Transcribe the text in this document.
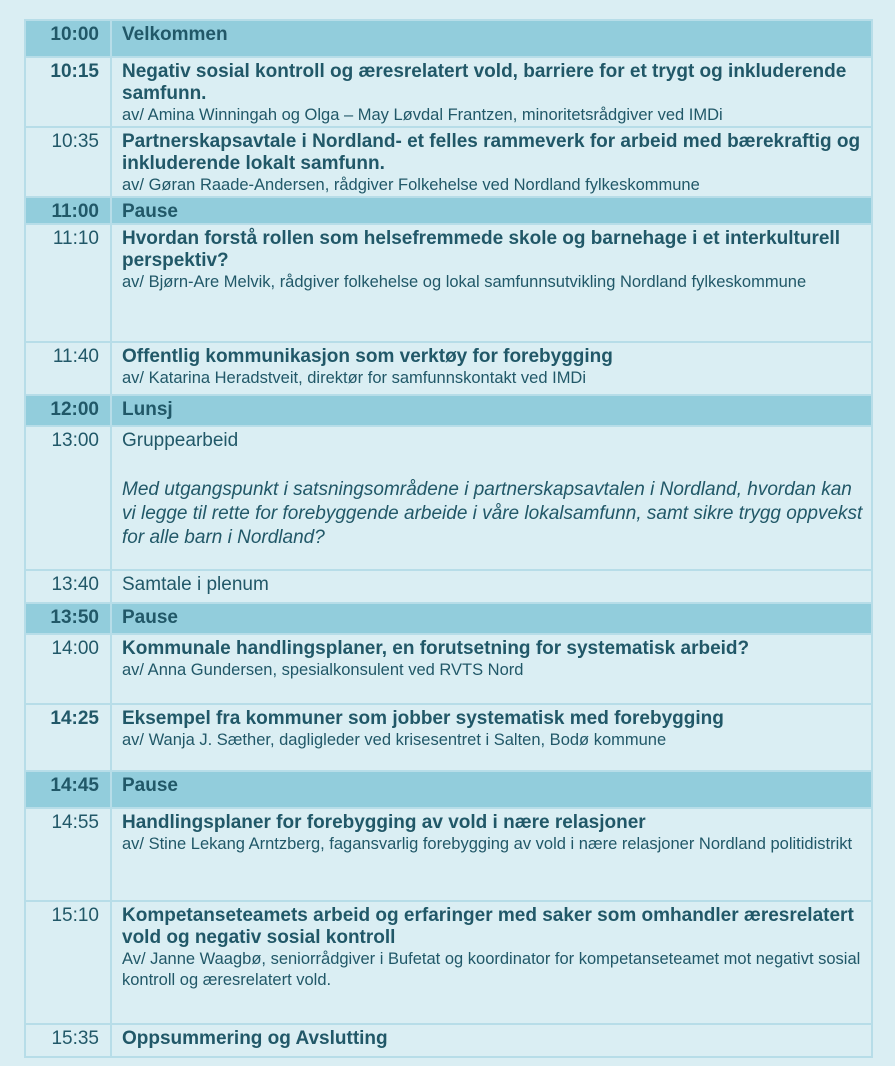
10:00	Velkommen

10:15	Negativ sosial kontroll og æresrelatert vold, barriere for et trygt og inkluderende samfunn.
av/ Amina Winningah og Olga – May Løvdal Frantzen, minoritetsrådgiver ved IMDi

10:35	Partnerskapsavtale i Nordland- et felles rammeverk for arbeid med bærekraftig og inkluderende lokalt samfunn.
av/ Gøran Raade-Andersen, rådgiver Folkehelse ved Nordland fylkeskommune

11:00	Pause

11:10	Hvordan forstå rollen som helsefremmede skole og barnehage i et interkulturell perspektiv?
av/ Bjørn-Are Melvik, rådgiver folkehelse og lokal samfunnsutvikling Nordland fylkeskommune

11:40	Offentlig kommunikasjon som verktøy for forebygging
av/ Katarina Heradstveit, direktør for samfunnskontakt ved IMDi

12:00	Lunsj

13:00	Gruppearbeid
Med utgangspunkt i satsningsområdene i partnerskapsavtalen i Nordland, hvordan kan vi legge til rette for forebyggende arbeide i våre lokalsamfunn, samt sikre trygg oppvekst for alle barn i Nordland?

13:40	Samtale i plenum

13:50	Pause

14:00	Kommunale handlingsplaner, en forutsetning for systematisk arbeid?
av/ Anna Gundersen, spesialkonsulent ved RVTS Nord

14:25	Eksempel fra kommuner som jobber systematisk med forebygging
av/ Wanja J. Sæther, dagligleder ved krisesentret i Salten, Bodø kommune

14:45	Pause

14:55	Handlingsplaner for forebygging av vold i nære relasjoner
av/ Stine Lekang Arntzberg, fagansvarlig forebygging av vold i nære relasjoner Nordland politidistrikt

15:10	Kompetanseteamets arbeid og erfaringer med saker som omhandler æresrelatert vold og negativ sosial kontroll
Av/ Janne Waagbø, seniorrådgiver i Bufetat og koordinator for kompetanseteamet mot negativt sosial kontroll og æresrelatert vold.

15:35	Oppsummering og Avslutting
